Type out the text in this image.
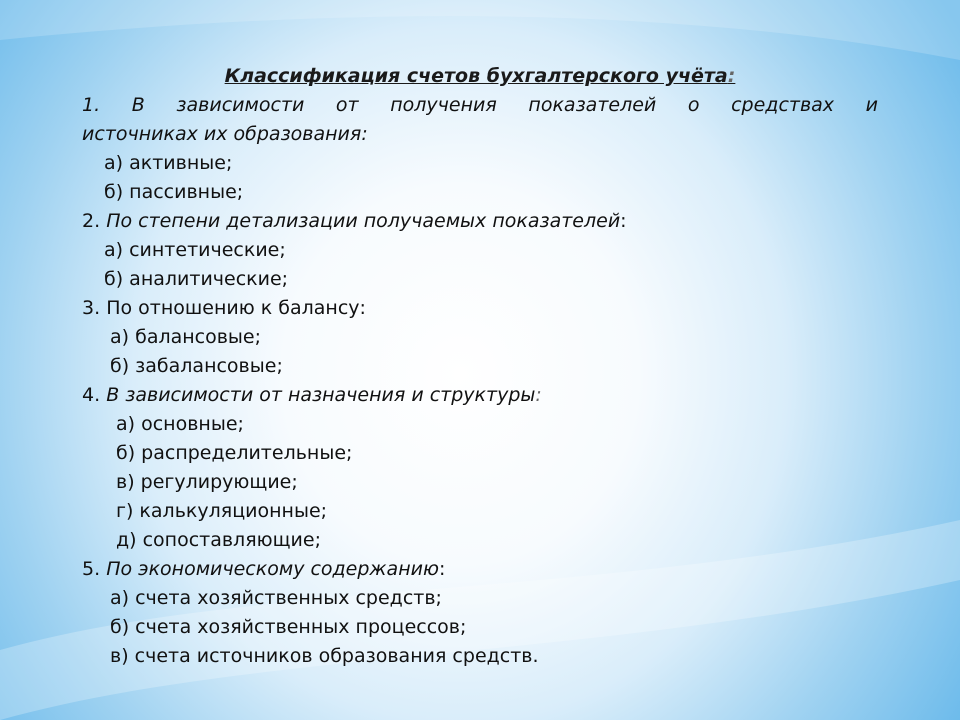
Классификация счетов бухгалтерского учёта:
1. В зависимости от получения показателей о средствах и
источниках их образования:
а) активные;
б) пассивные;
2. По степени детализации получаемых показателей:
а) синтетические;
б) аналитические;
3. По отношению к балансу:
а) балансовые;
б) забалансовые;
4. В зависимости от назначения и структуры:
а) основные;
б) распределительные;
в) регулирующие;
г) калькуляционные;
д) сопоставляющие;
5. По экономическому содержанию:
а) счета хозяйственных средств;
б) счета хозяйственных процессов;
в) счета источников образования средств.
